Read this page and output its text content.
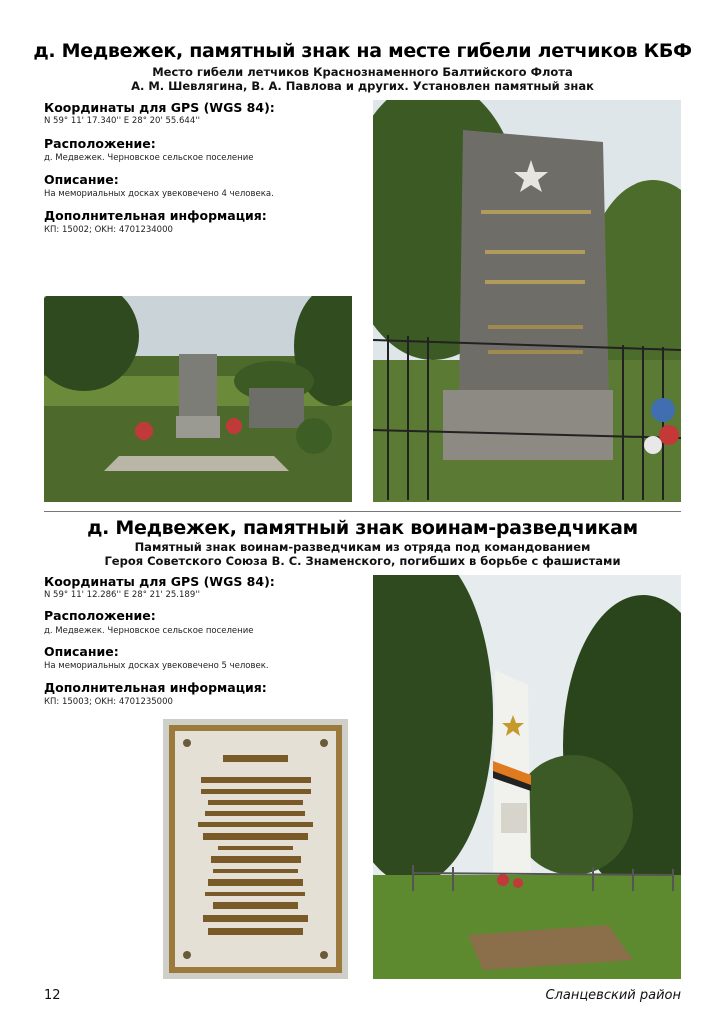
д. Медвежек, памятный знак на месте гибели летчиков КБФ
Место гибели летчиков Краснознаменного Балтийского Флота
А. М. Шевлягина, В. А. Павлова и других. Установлен памятный знак
Координаты для GPS (WGS 84):
N 59° 11' 17.340'' E 28° 20' 55.644''
Расположение:
д. Медвежек. Черновское сельское поселение
Описание:
На мемориальных досках увековечено 4 человека.
Дополнительная информация:
КП: 15002; OKH: 4701234000
д. Медвежек, памятный знак воинам-разведчикам
Памятный знак воинам-разведчикам из отряда под командованием
Героя Советского Союза В. С. Знаменского, погибших в борьбе с фашистами
Координаты для GPS (WGS 84):
N 59° 11' 12.286'' E 28° 21' 25.189''
Расположение:
д. Медвежек. Черновское сельское поселение
Описание:
На мемориальных досках увековечено 5 человек.
Дополнительная информация:
КП: 15003; OKH: 4701235000
12	Сланцевский район
